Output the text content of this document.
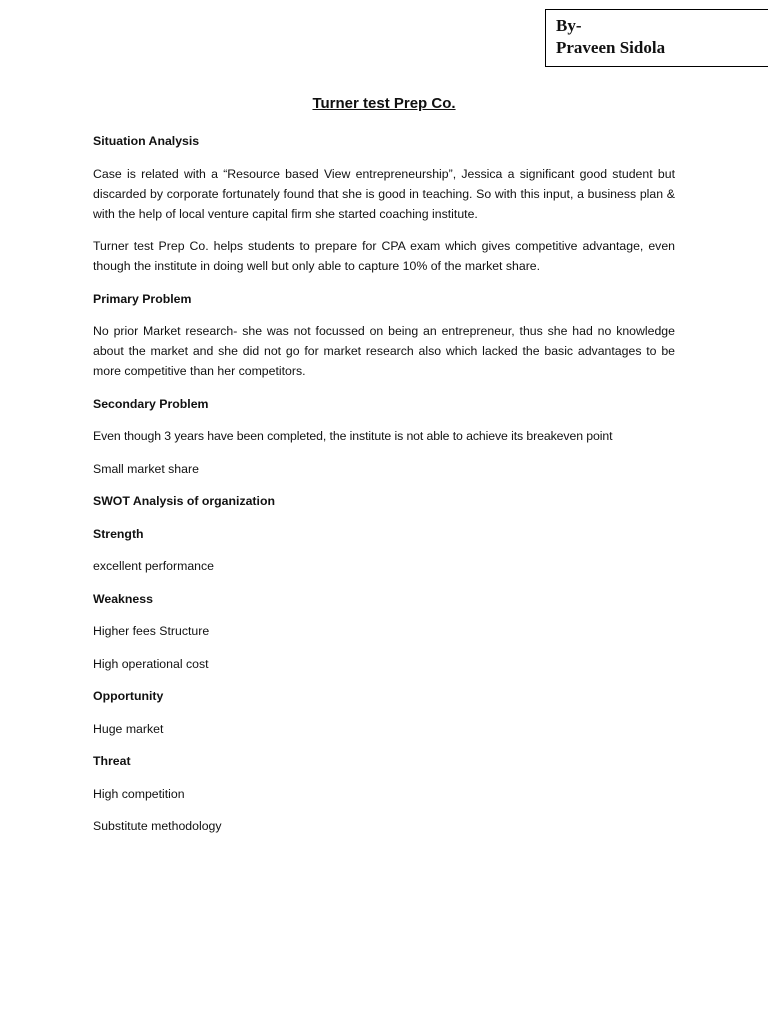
By-
Praveen Sidola
Turner test Prep Co.

Situation Analysis

Case is related with a “Resource based View entrepreneurship”, Jessica a significant good student but discarded by corporate fortunately found that she is good in teaching. So with this input, a business plan & with the help of local venture capital firm she started coaching institute.

Turner test Prep Co. helps students to prepare for CPA exam which gives competitive advantage, even though the institute in doing well but only able to capture 10% of the market share.

Primary Problem

No prior Market research- she was not focussed on being an entrepreneur, thus she had no knowledge about the market and she did not go for market research also which lacked the basic advantages to be more competitive than her competitors.

Secondary Problem

Even though 3 years have been completed, the institute is not able to achieve its breakeven point

Small market share

SWOT Analysis of organization

Strength

excellent performance

Weakness

Higher fees Structure

High operational cost

Opportunity

Huge market

Threat

High competition

Substitute methodology
